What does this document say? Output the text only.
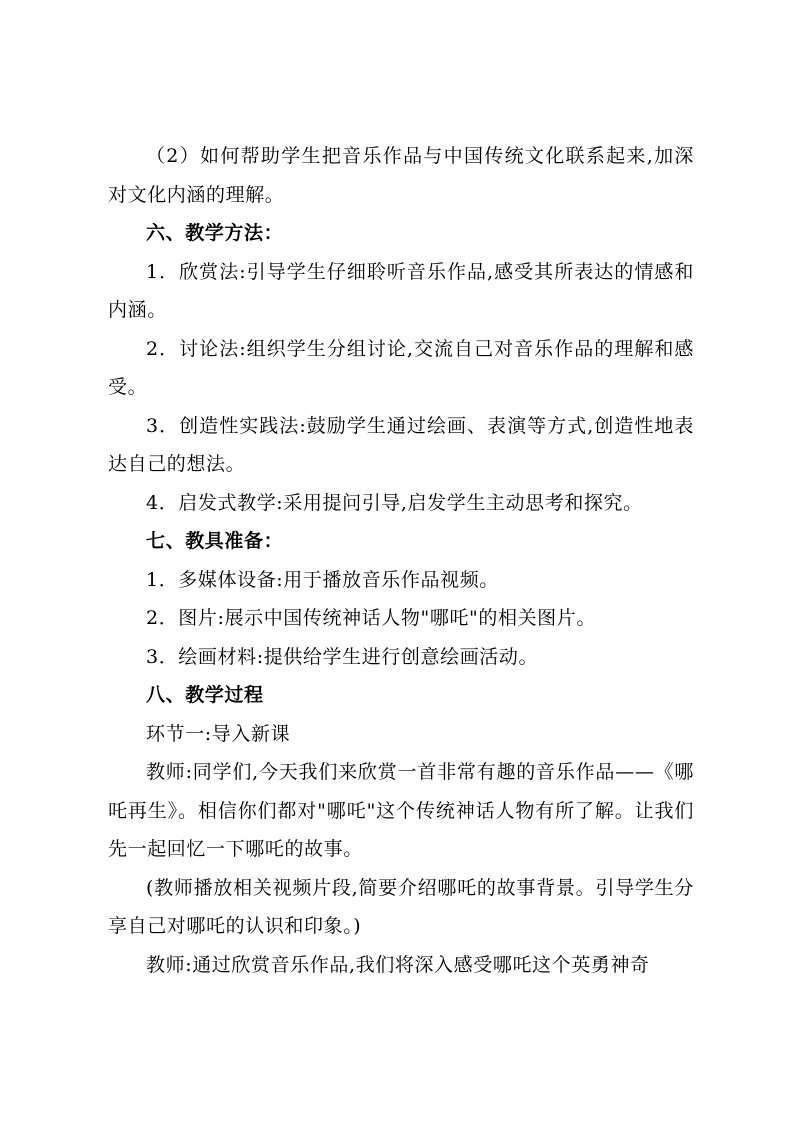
（2）如何帮助学生把音乐作品与中国传统文化联系起来,加深对文化内涵的理解。

六、教学方法：

1．欣赏法:引导学生仔细聆听音乐作品,感受其所表达的情感和内涵。

2．讨论法:组织学生分组讨论,交流自己对音乐作品的理解和感受。

3．创造性实践法:鼓励学生通过绘画、表演等方式,创造性地表达自己的想法。

4．启发式教学:采用提问引导,启发学生主动思考和探究。

七、教具准备：

1．多媒体设备:用于播放音乐作品视频。

2．图片:展示中国传统神话人物"哪吒"的相关图片。

3．绘画材料:提供给学生进行创意绘画活动。

八、教学过程

环节一:导入新课

教师:同学们,今天我们来欣赏一首非常有趣的音乐作品——《哪吒再生》。相信你们都对"哪吒"这个传统神话人物有所了解。让我们先一起回忆一下哪吒的故事。

(教师播放相关视频片段,简要介绍哪吒的故事背景。引导学生分享自己对哪吒的认识和印象。)

教师:通过欣赏音乐作品,我们将深入感受哪吒这个英勇神奇
